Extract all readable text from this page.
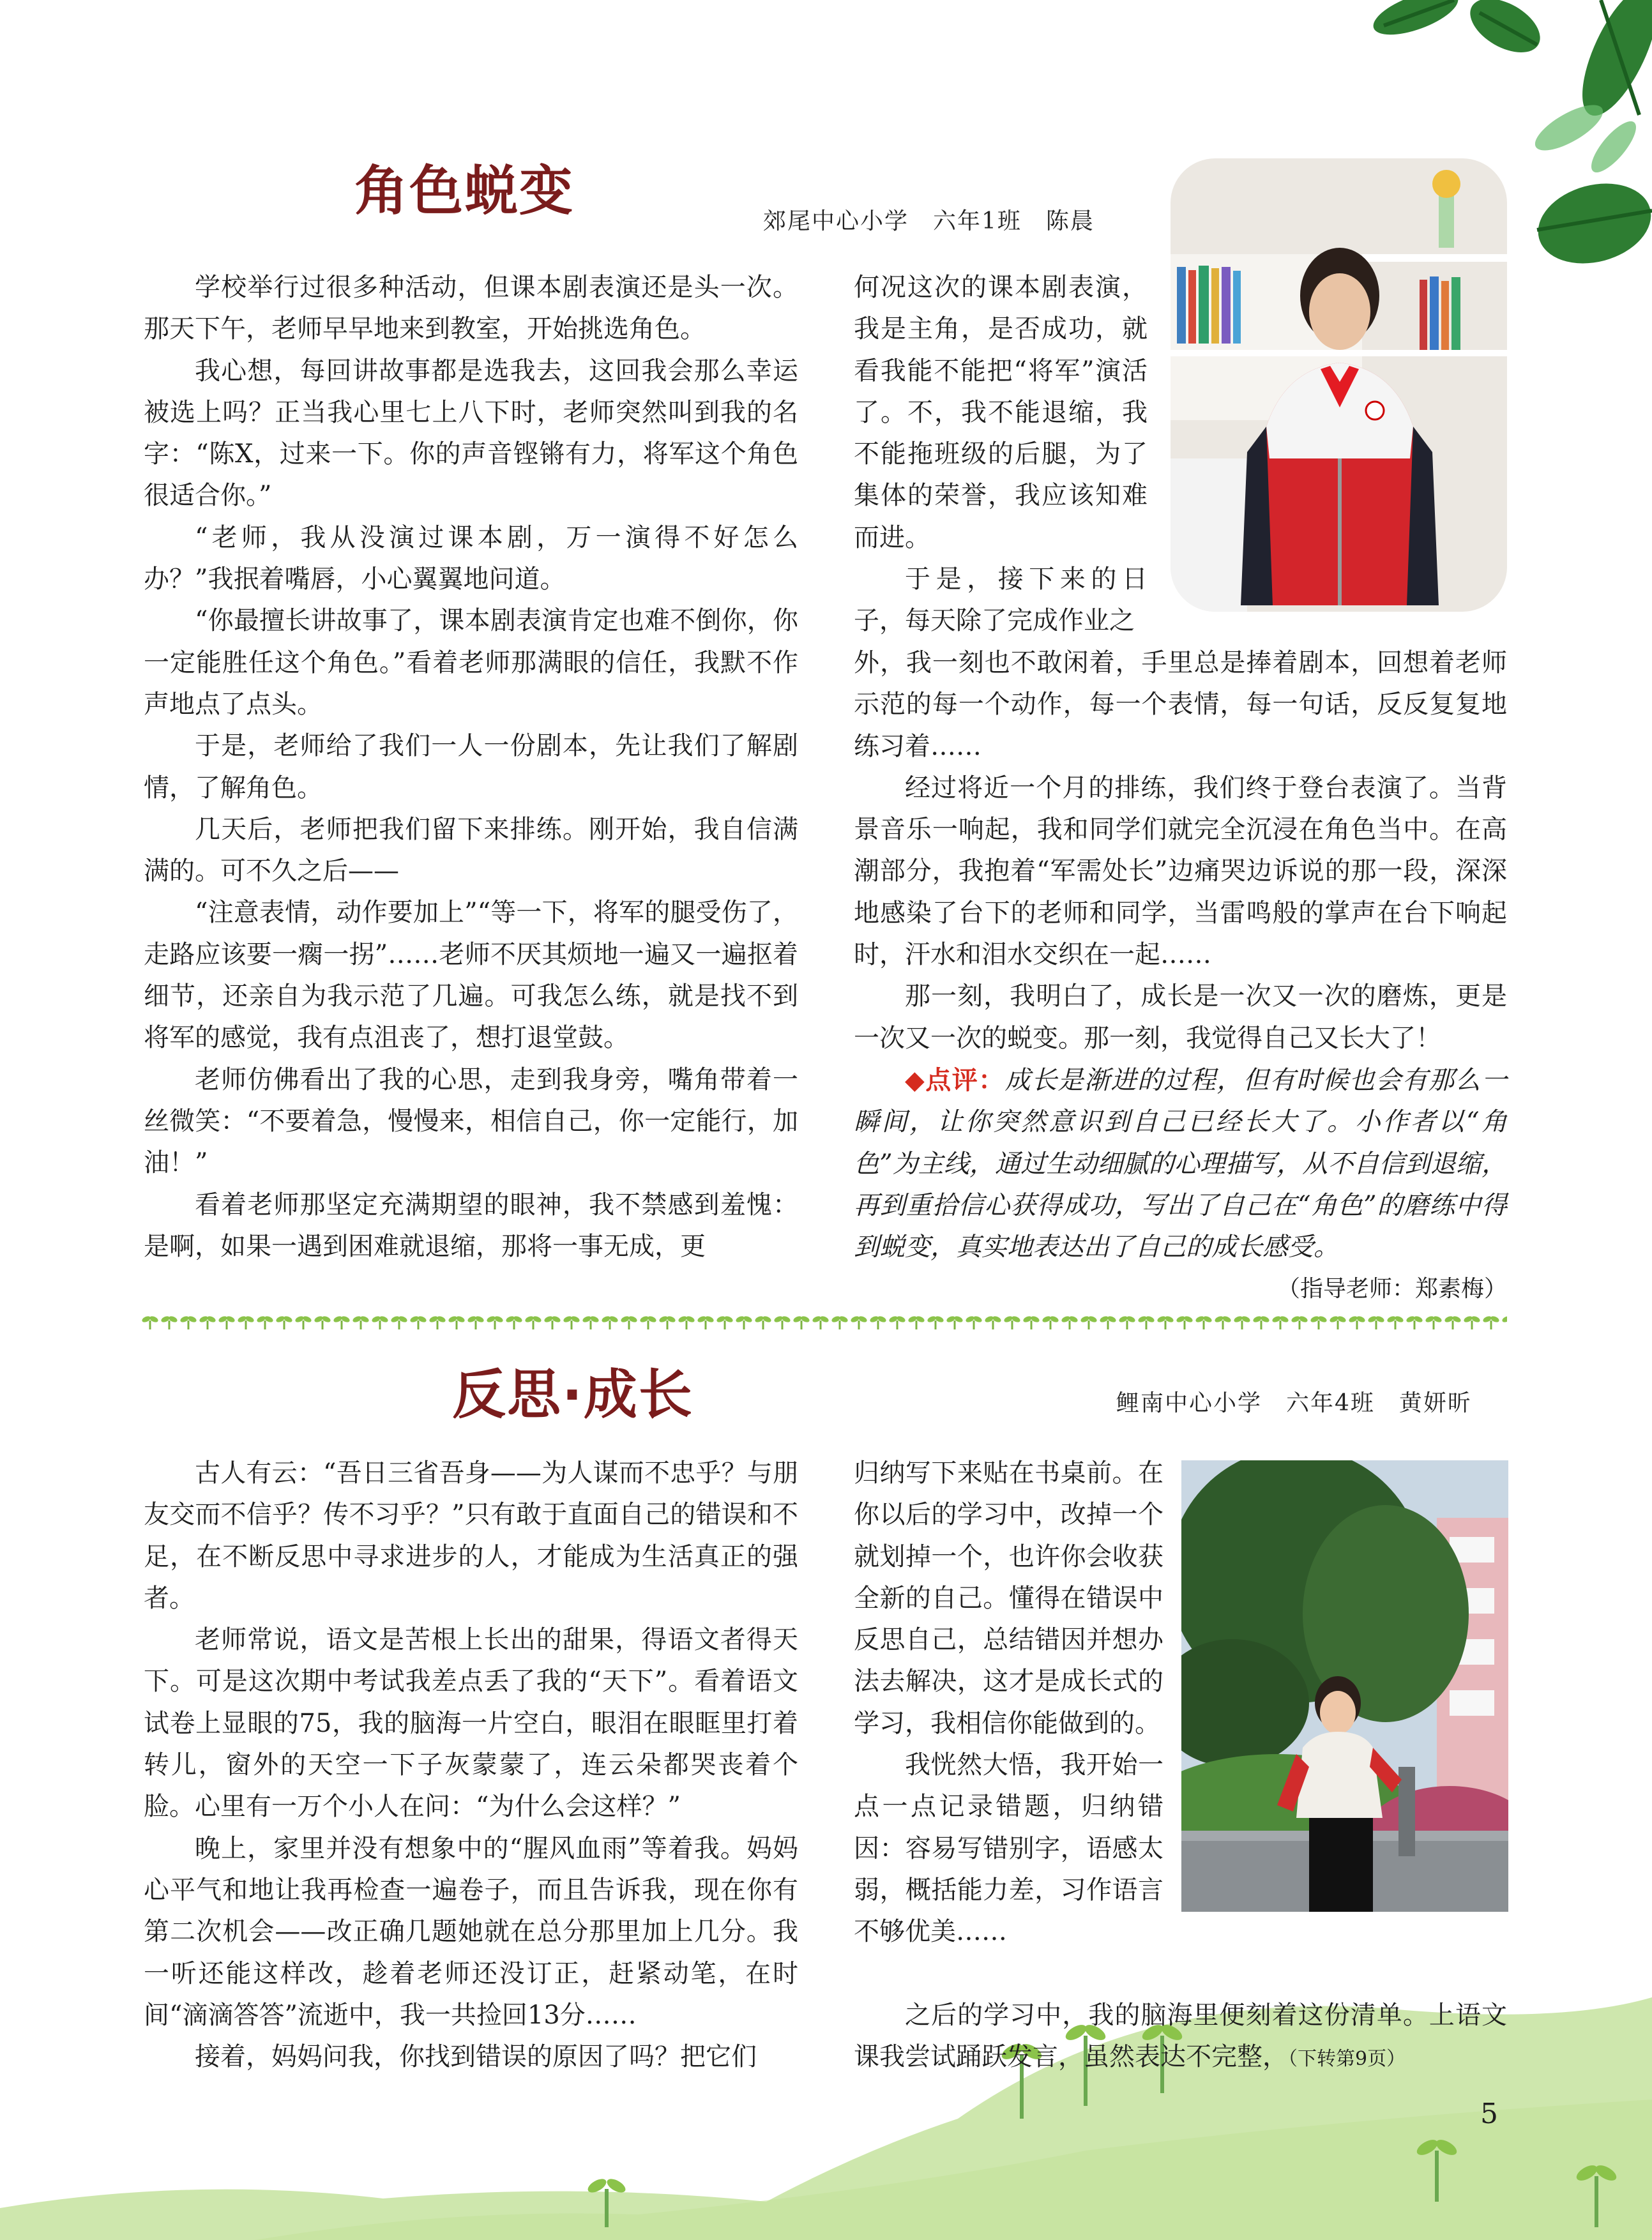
角色蜕变	郊尾中心小学　六年1班　陈晨

学校举行过很多种活动，但课本剧表演还是头一次。那天下午，老师早早地来到教室，开始挑选角色。

我心想，每回讲故事都是选我去，这回我会那么幸运被选上吗？正当我心里七上八下时，老师突然叫到我的名字：“陈X，过来一下。你的声音铿锵有力，将军这个角色很适合你。”

“老师，我从没演过课本剧，万一演得不好怎么办？”我抿着嘴唇，小心翼翼地问道。

“你最擅长讲故事了，课本剧表演肯定也难不倒你，你一定能胜任这个角色。”看着老师那满眼的信任，我默不作声地点了点头。

于是，老师给了我们一人一份剧本，先让我们了解剧情，了解角色。

几天后，老师把我们留下来排练。刚开始，我自信满满的。可不久之后——

“注意表情，动作要加上”“等一下，将军的腿受伤了，走路应该要一瘸一拐”……老师不厌其烦地一遍又一遍抠着细节，还亲自为我示范了几遍。可我怎么练，就是找不到将军的感觉，我有点沮丧了，想打退堂鼓。

老师仿佛看出了我的心思，走到我身旁，嘴角带着一丝微笑：“不要着急，慢慢来，相信自己，你一定能行，加油！”

看着老师那坚定充满期望的眼神，我不禁感到羞愧：是啊，如果一遇到困难就退缩，那将一事无成，更

何况这次的课本剧表演，我是主角，是否成功，就看我能不能把“将军”演活了。不，我不能退缩，我不能拖班级的后腿，为了集体的荣誉，我应该知难而进。

于是，接下来的日子，每天除了完成作业之

外，我一刻也不敢闲着，手里总是捧着剧本，回想着老师示范的每一个动作，每一个表情，每一句话，反反复复地练习着……

经过将近一个月的排练，我们终于登台表演了。当背景音乐一响起，我和同学们就完全沉浸在角色当中。在高潮部分，我抱着“军需处长”边痛哭边诉说的那一段，深深地感染了台下的老师和同学，当雷鸣般的掌声在台下响起时，汗水和泪水交织在一起……

那一刻，我明白了，成长是一次又一次的磨炼，更是一次又一次的蜕变。那一刻，我觉得自己又长大了！

◆点评：成长是渐进的过程，但有时候也会有那么一瞬间，让你突然意识到自己已经长大了。小作者以“角色”为主线，通过生动细腻的心理描写，从不自信到退缩，再到重拾信心获得成功，写出了自己在“角色”的磨练中得到蜕变，真实地表达出了自己的成长感受。

（指导老师：郑素梅）

反思·成长	鲤南中心小学　六年4班　黄妍昕

古人有云：“吾日三省吾身——为人谋而不忠乎？与朋友交而不信乎？传不习乎？”只有敢于直面自己的错误和不足，在不断反思中寻求进步的人，才能成为生活真正的强者。

老师常说，语文是苦根上长出的甜果，得语文者得天下。可是这次期中考试我差点丢了我的“天下”。看着语文试卷上显眼的75，我的脑海一片空白，眼泪在眼眶里打着转儿，窗外的天空一下子灰蒙蒙了，连云朵都哭丧着个脸。心里有一万个小人在问：“为什么会这样？”

晚上，家里并没有想象中的“腥风血雨”等着我。妈妈心平气和地让我再检查一遍卷子，而且告诉我，现在你有第二次机会——改正确几题她就在总分那里加上几分。我一听还能这样改，趁着老师还没订正，赶紧动笔，在时间“滴滴答答”流逝中，我一共捡回13分……

接着，妈妈问我，你找到错误的原因了吗？把它们

归纳写下来贴在书桌前。在你以后的学习中，改掉一个就划掉一个，也许你会收获全新的自己。懂得在错误中反思自己，总结错因并想办法去解决，这才是成长式的学习，我相信你能做到的。

我恍然大悟，我开始一点一点记录错题，归纳错因：容易写错别字，语感太弱，概括能力差，习作语言不够优美……

之后的学习中，我的脑海里便刻着这份清单。上语文课我尝试踊跃发言，虽然表达不完整，（下转第9页）

5
